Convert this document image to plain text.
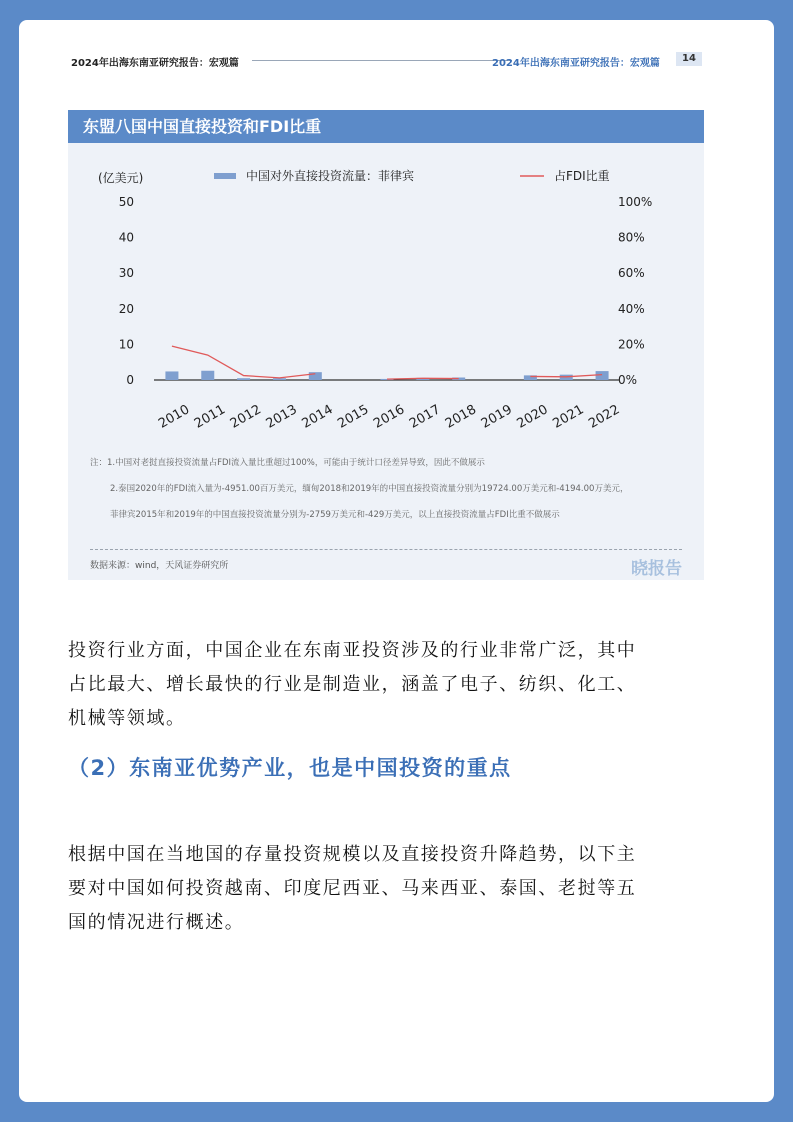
2024年出海东南亚研究报告：宏观篇	2024年出海东南亚研究报告：宏观篇	14
东盟八国中国直接投资和FDI比重
(亿美元)
50
40
30
20
10
0
100%
80%
60%
40%
20%
0%
中国对外直接投资流量：菲律宾	占FDI比重
2010 2011 2012 2013 2014 2015 2016 2017 2018 2019 2020 2021 2022
注：1.中国对老挝直接投资流量占FDI流入量比重超过100%，可能由于统计口径差异导致，因此不做展示
2.泰国2020年的FDI流入量为-4951.00百万美元，缅甸2018和2019年的中国直接投资流量分别为19724.00万美元和-4194.00万美元，
菲律宾2015年和2019年的中国直接投资流量分别为-2759万美元和-429万美元，以上直接投资流量占FDI比重不做展示
数据来源：wind，天风证券研究所	晓报告
投资行业方面，中国企业在东南亚投资涉及的行业非常广泛，其中
占比最大、增长最快的行业是制造业，涵盖了电子、纺织、化工、
机械等领域。
（2）东南亚优势产业，也是中国投资的重点
根据中国在当地国的存量投资规模以及直接投资升降趋势，以下主
要对中国如何投资越南、印度尼西亚、马来西亚、泰国、老挝等五
国的情况进行概述。
